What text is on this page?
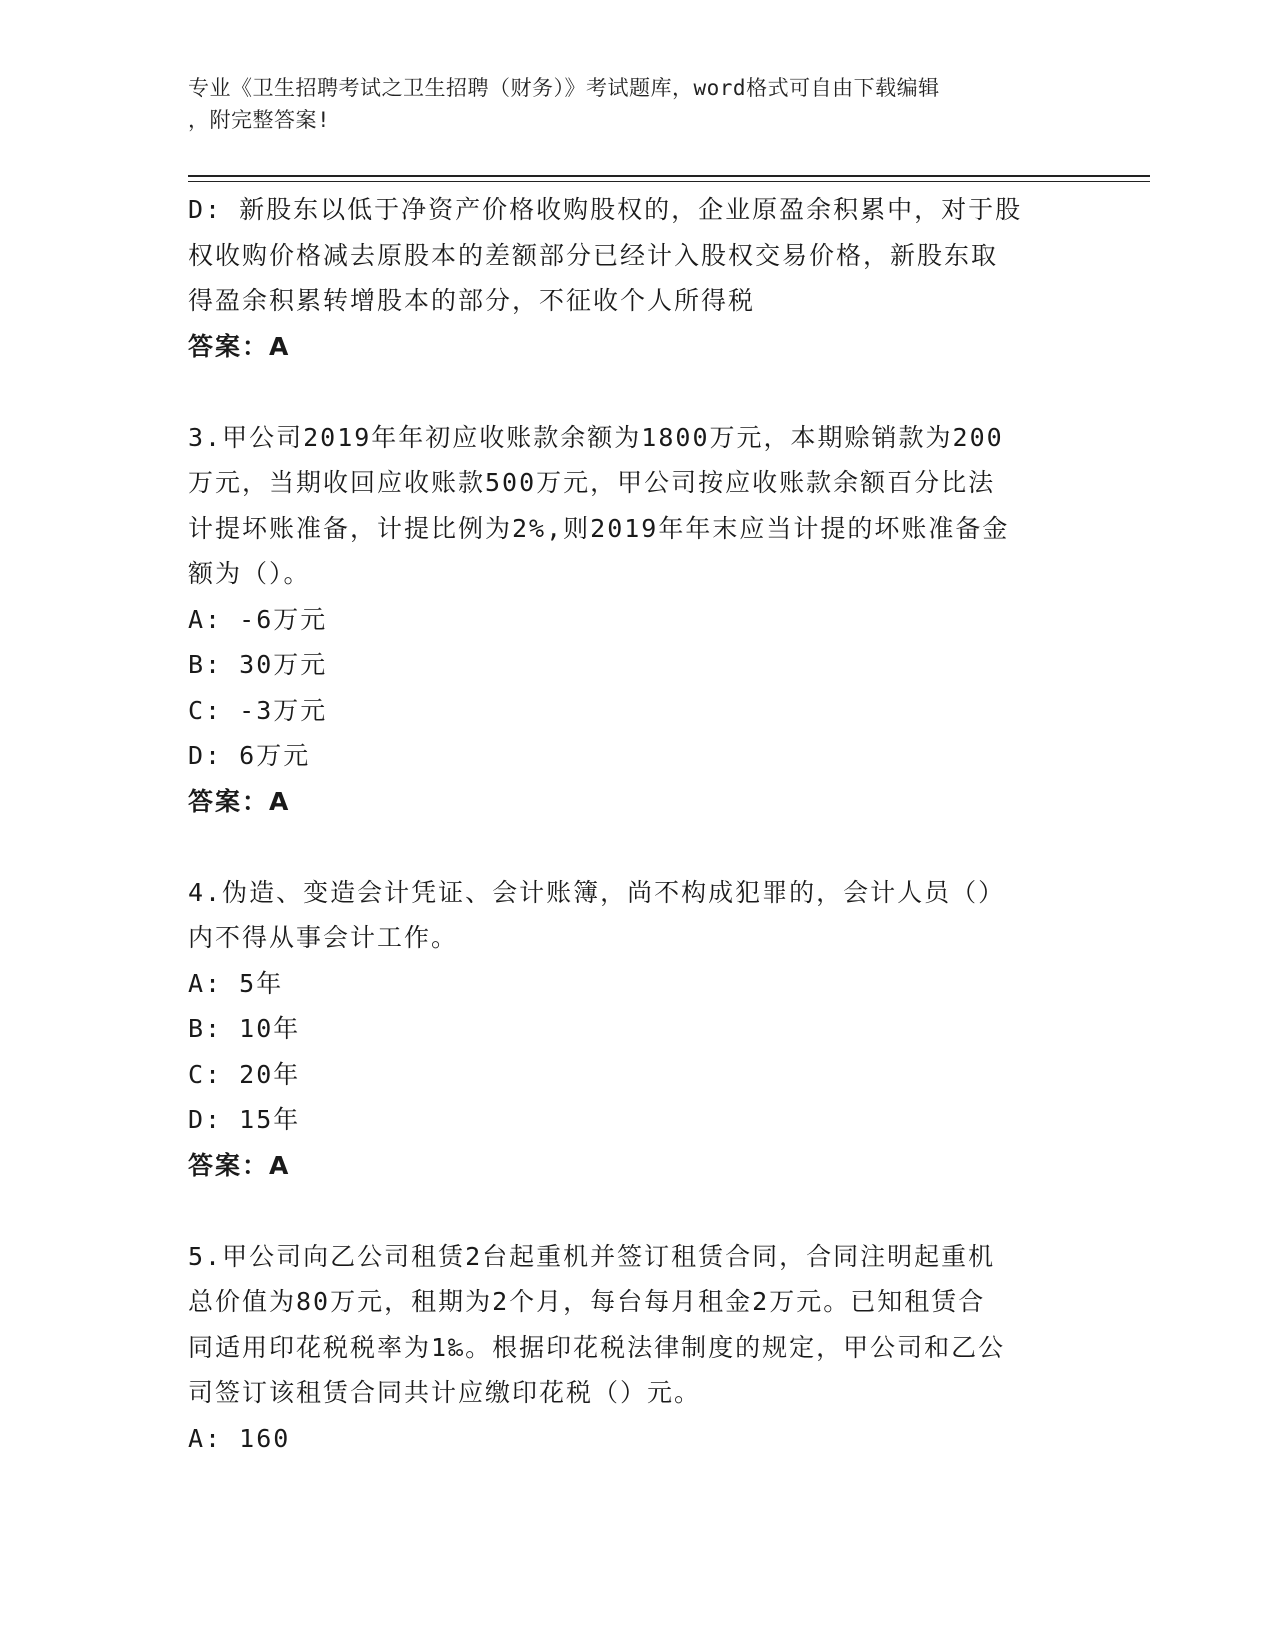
专业《卫生招聘考试之卫生招聘（财务）》考试题库，word格式可自由下载编辑
，附完整答案!
D: 新股东以低于净资产价格收购股权的，企业原盈余积累中，对于股
权收购价格减去原股本的差额部分已经计入股权交易价格，新股东取
得盈余积累转增股本的部分，不征收个人所得税
答案：A
3.甲公司2019年年初应收账款余额为1800万元，本期赊销款为200
万元，当期收回应收账款500万元，甲公司按应收账款余额百分比法
计提坏账准备，计提比例为2%,则2019年年末应当计提的坏账准备金
额为（）。
A: -6万元
B: 30万元
C: -3万元
D: 6万元
答案：A
4.伪造、变造会计凭证、会计账簿，尚不构成犯罪的，会计人员（）
内不得从事会计工作。
A: 5年
B: 10年
C: 20年
D: 15年
答案：A
5.甲公司向乙公司租赁2台起重机并签订租赁合同，合同注明起重机
总价值为80万元，租期为2个月，每台每月租金2万元。已知租赁合
同适用印花税税率为1‰。根据印花税法律制度的规定，甲公司和乙公
司签订该租赁合同共计应缴印花税（）元。
A: 160
